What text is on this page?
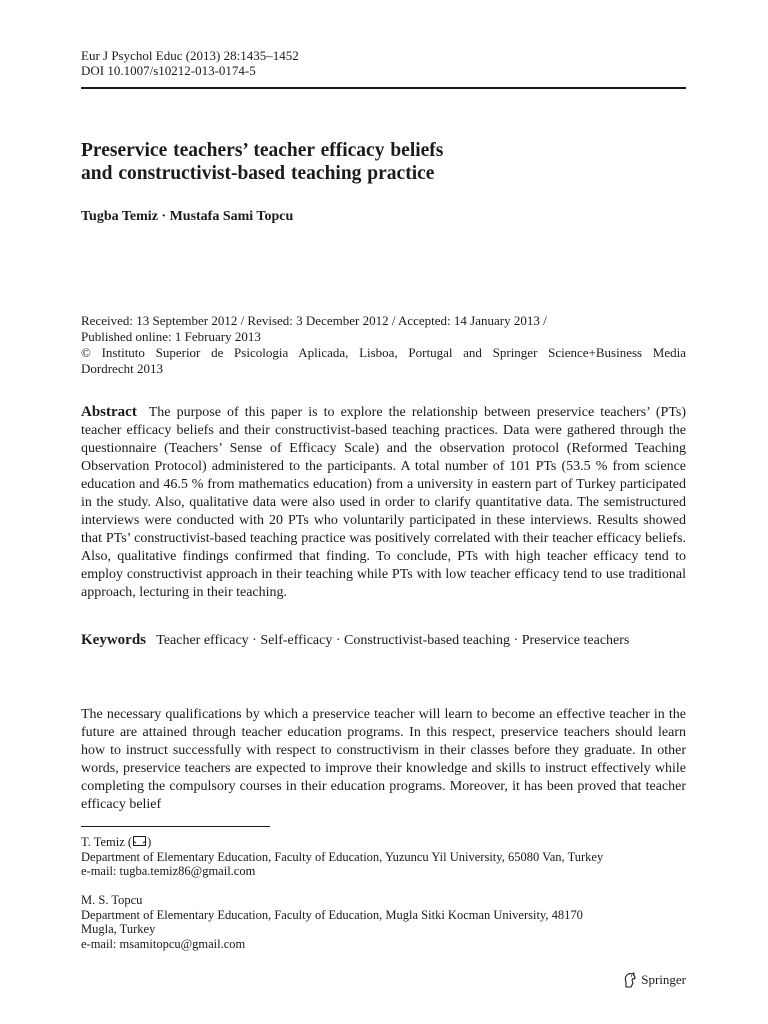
Eur J Psychol Educ (2013) 28:1435–1452
DOI 10.1007/s10212-013-0174-5
Preservice teachers’ teacher efficacy beliefs
and constructivist-based teaching practice
Tugba Temiz · Mustafa Sami Topcu
Received: 13 September 2012 / Revised: 3 December 2012 / Accepted: 14 January 2013 /
Published online: 1 February 2013
© Instituto Superior de Psicologia Aplicada, Lisboa, Portugal and Springer Science+Business Media
Dordrecht 2013

Abstract The purpose of this paper is to explore the relationship between preservice teachers’ (PTs) teacher efficacy beliefs and their constructivist-based teaching practices. Data were gathered through the questionnaire (Teachers’ Sense of Efficacy Scale) and the observation protocol (Reformed Teaching Observation Protocol) administered to the participants. A total number of 101 PTs (53.5 % from science education and 46.5 % from mathematics education) from a university in eastern part of Turkey participated in the study. Also, qualitative data were also used in order to clarify quantitative data. The semistructured interviews were conducted with 20 PTs who voluntarily participated in these interviews. Results showed that PTs’ constructivist-based teaching practice was positively correlated with their teacher efficacy beliefs. Also, qualitative findings confirmed that finding. To conclude, PTs with high teacher efficacy tend to employ constructivist approach in their teaching while PTs with low teacher efficacy tend to use traditional approach, lecturing in their teaching.

Keywords Teacher efficacy · Self-efficacy · Constructivist-based teaching · Preservice teachers

The necessary qualifications by which a preservice teacher will learn to become an effective teacher in the future are attained through teacher education programs. In this respect, preservice teachers should learn how to instruct successfully with respect to constructivism in their classes before they graduate. In other words, preservice teachers are expected to improve their knowledge and skills to instruct effectively while completing the compulsory courses in their education programs. Moreover, it has been proved that teacher efficacy belief

T. Temiz ( )
Department of Elementary Education, Faculty of Education, Yuzuncu Yil University, 65080 Van, Turkey
e-mail: tugba.temiz86@gmail.com
M. S. Topcu
Department of Elementary Education, Faculty of Education, Mugla Sitki Kocman University, 48170
Mugla, Turkey
e-mail: msamitopcu@gmail.com
Springer
